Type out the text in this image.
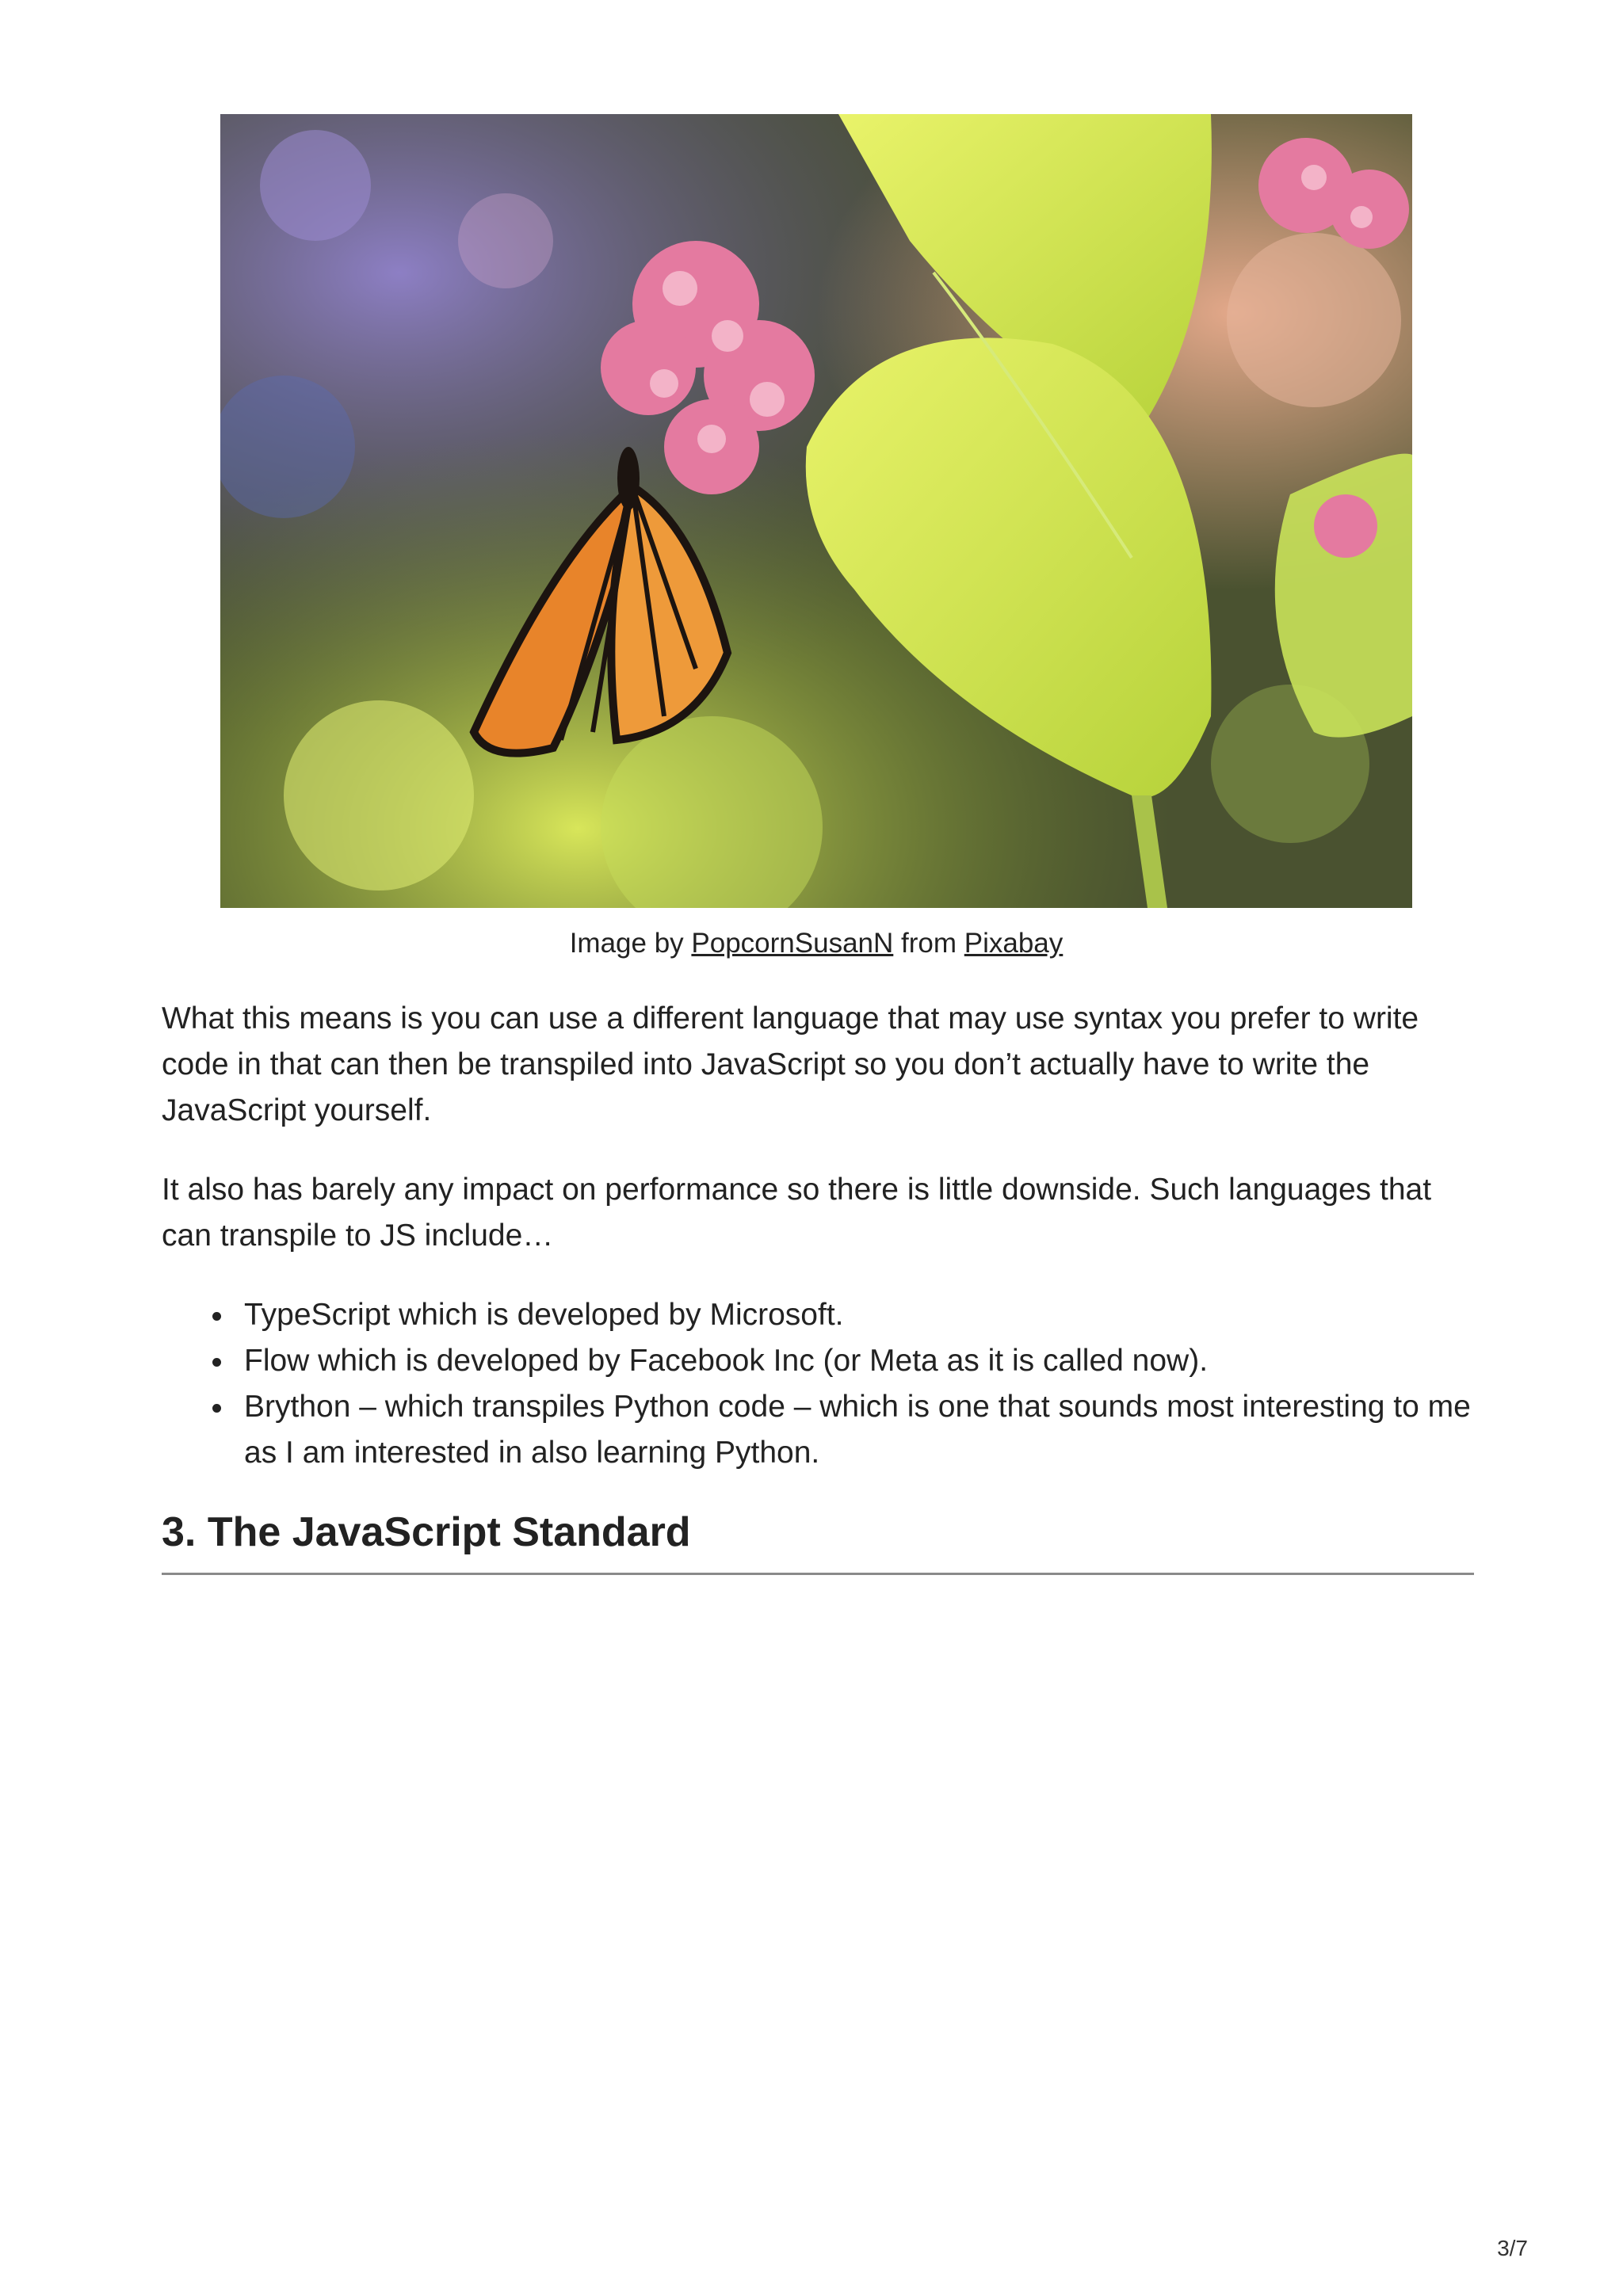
Image by PopcornSusanN from Pixabay

What this means is you can use a different language that may use syntax you prefer to write code in that can then be transpiled into JavaScript so you don’t actually have to write the JavaScript yourself.

It also has barely any impact on performance so there is little downside. Such languages that can transpile to JS include…

TypeScript which is developed by Microsoft.
Flow which is developed by Facebook Inc (or Meta as it is called now).
Brython – which transpiles Python code – which is one that sounds most interesting to me as I am interested in also learning Python.
3. The JavaScript Standard
3/7
